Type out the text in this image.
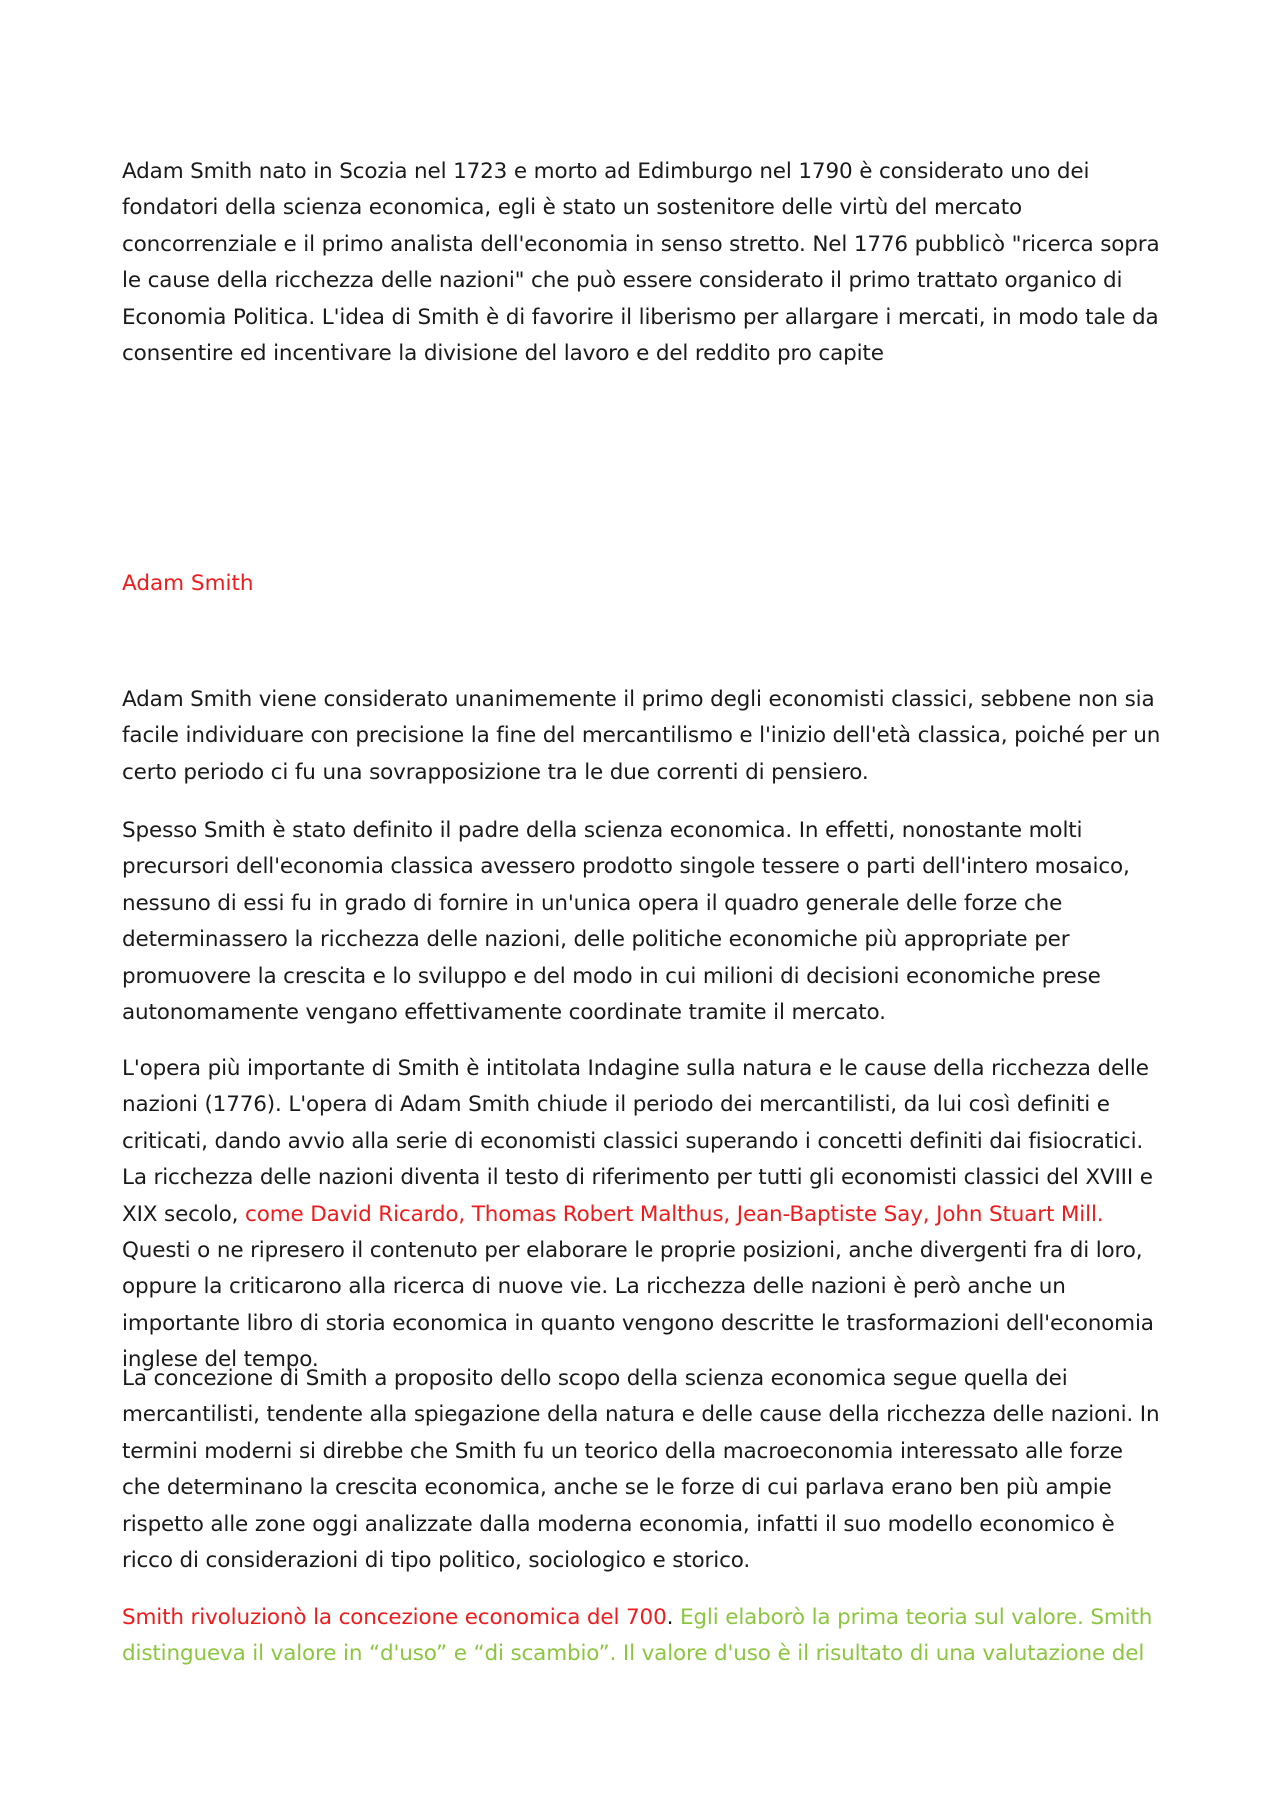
Adam Smith nato in Scozia nel 1723 e morto ad Edimburgo nel 1790 è considerato uno dei fondatori della scienza economica, egli è stato un sostenitore delle virtù del mercato concorrenziale e il primo analista dell'economia in senso stretto. Nel 1776 pubblicò "ricerca sopra le cause della ricchezza delle nazioni" che può essere considerato il primo trattato organico di Economia Politica. L'idea di Smith è di favorire il liberismo per allargare i mercati, in modo tale da consentire ed incentivare la divisione del lavoro e del reddito pro capite

Adam Smith

Adam Smith viene considerato unanimemente il primo degli economisti classici, sebbene non sia facile individuare con precisione la fine del mercantilismo e l'inizio dell'età classica, poiché per un certo periodo ci fu una sovrapposizione tra le due correnti di pensiero.

Spesso Smith è stato definito il padre della scienza economica. In effetti, nonostante molti precursori dell'economia classica avessero prodotto singole tessere o parti dell'intero mosaico, nessuno di essi fu in grado di fornire in un'unica opera il quadro generale delle forze che determinassero la ricchezza delle nazioni, delle politiche economiche più appropriate per promuovere la crescita e lo sviluppo e del modo in cui milioni di decisioni economiche prese autonomamente vengano effettivamente coordinate tramite il mercato.

L'opera più importante di Smith è intitolata Indagine sulla natura e le cause della ricchezza delle nazioni (1776). L'opera di Adam Smith chiude il periodo dei mercantilisti, da lui così definiti e criticati, dando avvio alla serie di economisti classici superando i concetti definiti dai fisiocratici. La ricchezza delle nazioni diventa il testo di riferimento per tutti gli economisti classici del XVIII e XIX secolo, come David Ricardo, Thomas Robert Malthus, Jean-Baptiste Say, John Stuart Mill. Questi o ne ripresero il contenuto per elaborare le proprie posizioni, anche divergenti fra di loro, oppure la criticarono alla ricerca di nuove vie. La ricchezza delle nazioni è però anche un importante libro di storia economica in quanto vengono descritte le trasformazioni dell'economia inglese del tempo.

La concezione di Smith a proposito dello scopo della scienza economica segue quella dei mercantilisti, tendente alla spiegazione della natura e delle cause della ricchezza delle nazioni. In termini moderni si direbbe che Smith fu un teorico della macroeconomia interessato alle forze che determinano la crescita economica, anche se le forze di cui parlava erano ben più ampie rispetto alle zone oggi analizzate dalla moderna economia, infatti il suo modello economico è ricco di considerazioni di tipo politico, sociologico e storico.

Smith rivoluzionò la concezione economica del 700. Egli elaborò la prima teoria sul valore. Smith distingueva il valore in “d'uso” e “di scambio”. Il valore d'uso è il risultato di una valutazione del
